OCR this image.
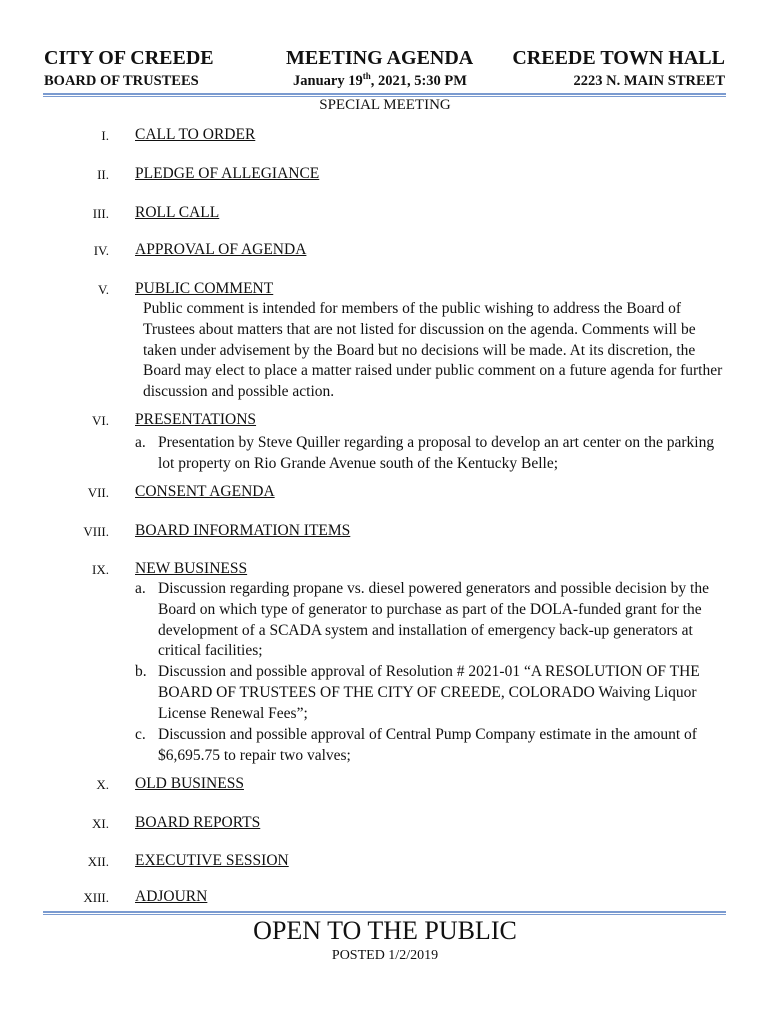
CITY OF CREEDE	MEETING AGENDA CREEDE TOWN HALL
BOARD OF TRUSTEES	January 19th, 2021, 5:30 PM	2223 N. MAIN STREET
SPECIAL MEETING
I. CALL TO ORDER
II. PLEDGE OF ALLEGIANCE
III. ROLL CALL
IV. APPROVAL OF AGENDA
V. PUBLIC COMMENT
Public comment is intended for members of the public wishing to address the Board of Trustees about matters that are not listed for discussion on the agenda. Comments will be taken under advisement by the Board but no decisions will be made. At its discretion, the Board may elect to place a matter raised under public comment on a future agenda for further discussion and possible action.
VI. PRESENTATIONS
a. Presentation by Steve Quiller regarding a proposal to develop an art center on the parking lot property on Rio Grande Avenue south of the Kentucky Belle;
VII. CONSENT AGENDA
VIII. BOARD INFORMATION ITEMS
IX. NEW BUSINESS
a. Discussion regarding propane vs. diesel powered generators and possible decision by the Board on which type of generator to purchase as part of the DOLA-funded grant for the development of a SCADA system and installation of emergency back-up generators at critical facilities;
b. Discussion and possible approval of Resolution # 2021-01 “A RESOLUTION OF THE BOARD OF TRUSTEES OF THE CITY OF CREEDE, COLORADO Waiving Liquor License Renewal Fees”;
c. Discussion and possible approval of Central Pump Company estimate in the amount of $6,695.75 to repair two valves;
X. OLD BUSINESS
XI. BOARD REPORTS
XII. EXECUTIVE SESSION
XIII. ADJOURN
OPEN TO THE PUBLIC
POSTED 1/2/2019
